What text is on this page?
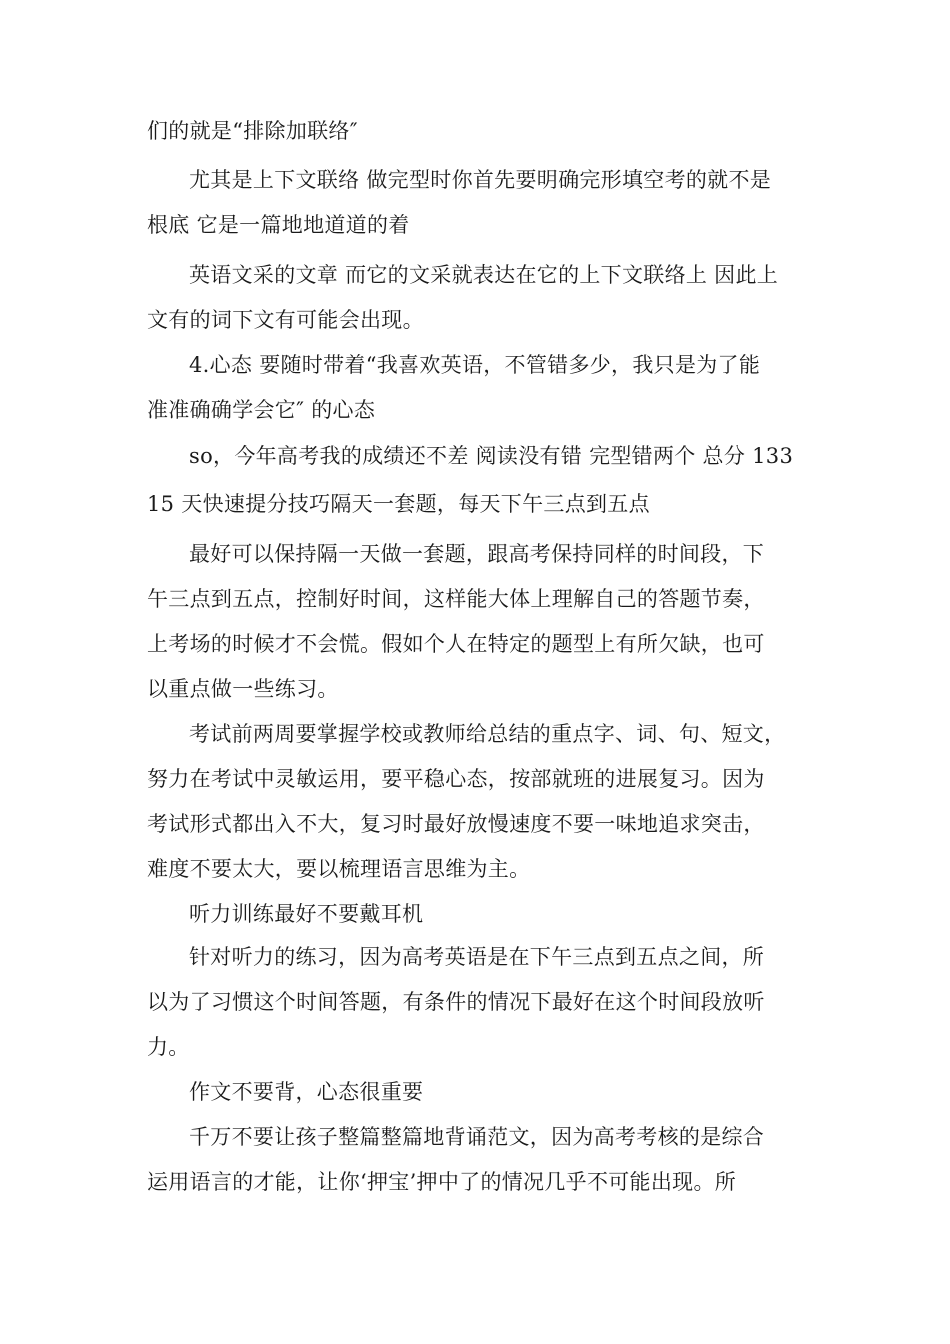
们的就是“排除加联络″
尤其是上下文联络 做完型时你首先要明确完形填空考的就不是
根底 它是一篇地地道道的着
英语文采的文章 而它的文采就表达在它的上下文联络上 因此上
文有的词下文有可能会出现。
4.心态 要随时带着“我喜欢英语，不管错多少，我只是为了能
准准确确学会它″ 的心态
so，今年高考我的成绩还不差 阅读没有错 完型错两个 总分 133
15 天快速提分技巧隔天一套题，每天下午三点到五点
最好可以保持隔一天做一套题，跟高考保持同样的时间段，下
午三点到五点，控制好时间，这样能大体上理解自己的答题节奏，
上考场的时候才不会慌。假如个人在特定的题型上有所欠缺，也可
以重点做一些练习。
考试前两周要掌握学校或教师给总结的重点字、词、句、短文，
努力在考试中灵敏运用，要平稳心态，按部就班的进展复习。因为
考试形式都出入不大，复习时最好放慢速度不要一味地追求突击，
难度不要太大，要以梳理语言思维为主。
听力训练最好不要戴耳机
针对听力的练习，因为高考英语是在下午三点到五点之间，所
以为了习惯这个时间答题，有条件的情况下最好在这个时间段放听
力。
作文不要背，心态很重要
千万不要让孩子整篇整篇地背诵范文，因为高考考核的是综合
运用语言的才能，让你‘押宝’押中了的情况几乎不可能出现。所
